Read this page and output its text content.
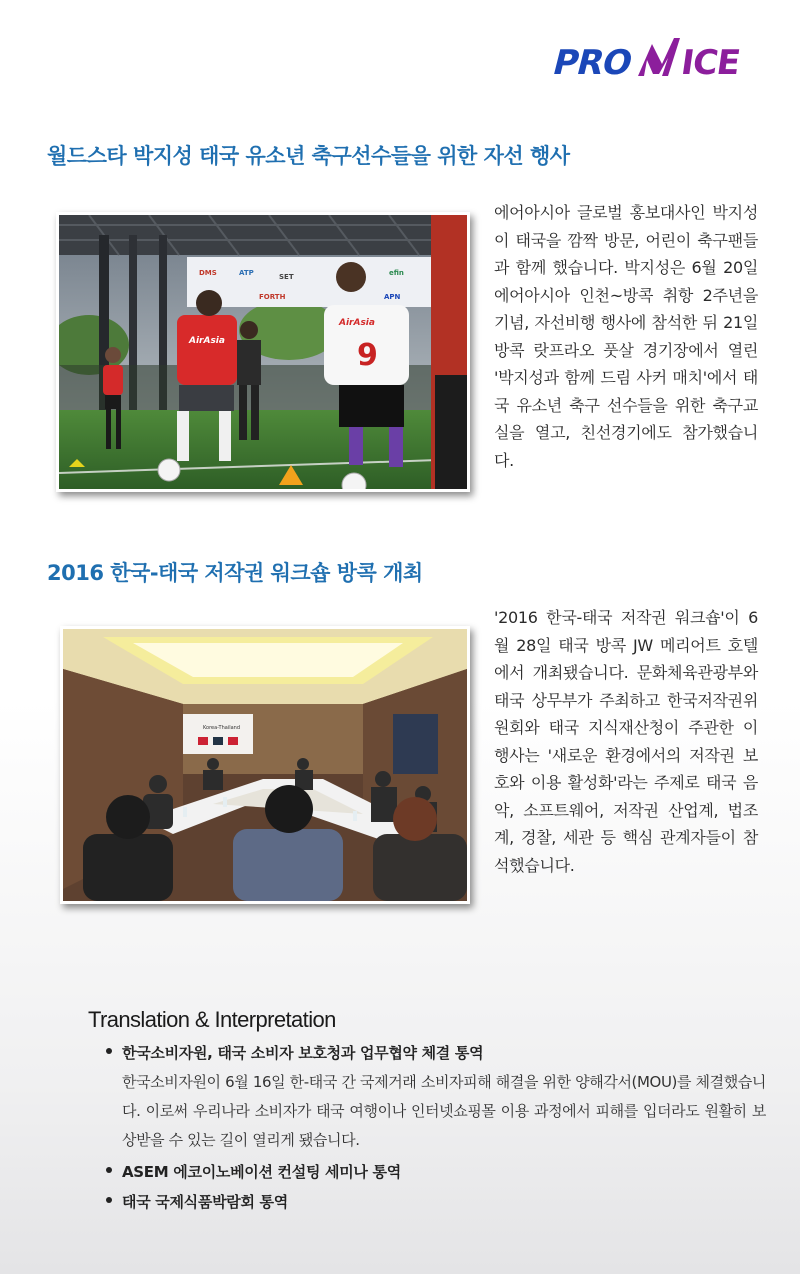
PRO ICE
월드스타 박지성 태국 유소년 축구선수들을 위한 자선 행사
DMS	ATP	SET	efin
FORTH	APN
AirAsia
AirAsia
9

에어아시아 글로벌 홍보대사인 박지성이 태국을 깜짝 방문, 어린이 축구팬들과 함께 했습니다. 박지성은 6월 20일 에어아시아 인천~방콕 취항 2주년을 기념, 자선비행 행사에 참석한 뒤 21일 방콕 랏프라오 풋살 경기장에서 열린 '박지성과 함께 드림 사커 매치'에서 태국 유소년 축구 선수들을 위한 축구교실을 열고, 친선경기에도 참가했습니다.

2016 한국-태국 저작권 워크숍 방콕 개최
Korea-Thailand

'2016 한국-태국 저작권 워크숍'이 6월 28일 태국 방콕 JW 메리어트 호텔에서 개최됐습니다. 문화체육관광부와 태국 상무부가 주최하고 한국저작권위원회와 태국 지식재산청이 주관한 이 행사는 '새로운 환경에서의 저작권 보호와 이용 활성화'라는 주제로 태국 음악, 소프트웨어, 저작권 산업계, 법조계, 경찰, 세관 등 핵심 관계자들이 참석했습니다.

Translation & Interpretation
한국소비자원, 태국 소비자 보호청과 업무협약 체결 통역
한국소비자원이 6월 16일 한-태국 간 국제거래 소비자피해 해결을 위한 양해각서(MOU)를 체결했습니다. 이로써 우리나라 소비자가 태국 여행이나 인터넷쇼핑몰 이용 과정에서 피해를 입더라도 원활히 보상받을 수 있는 길이 열리게 됐습니다.
ASEM 에코이노베이션 컨설팅 세미나 통역
태국 국제식품박람회 통역
